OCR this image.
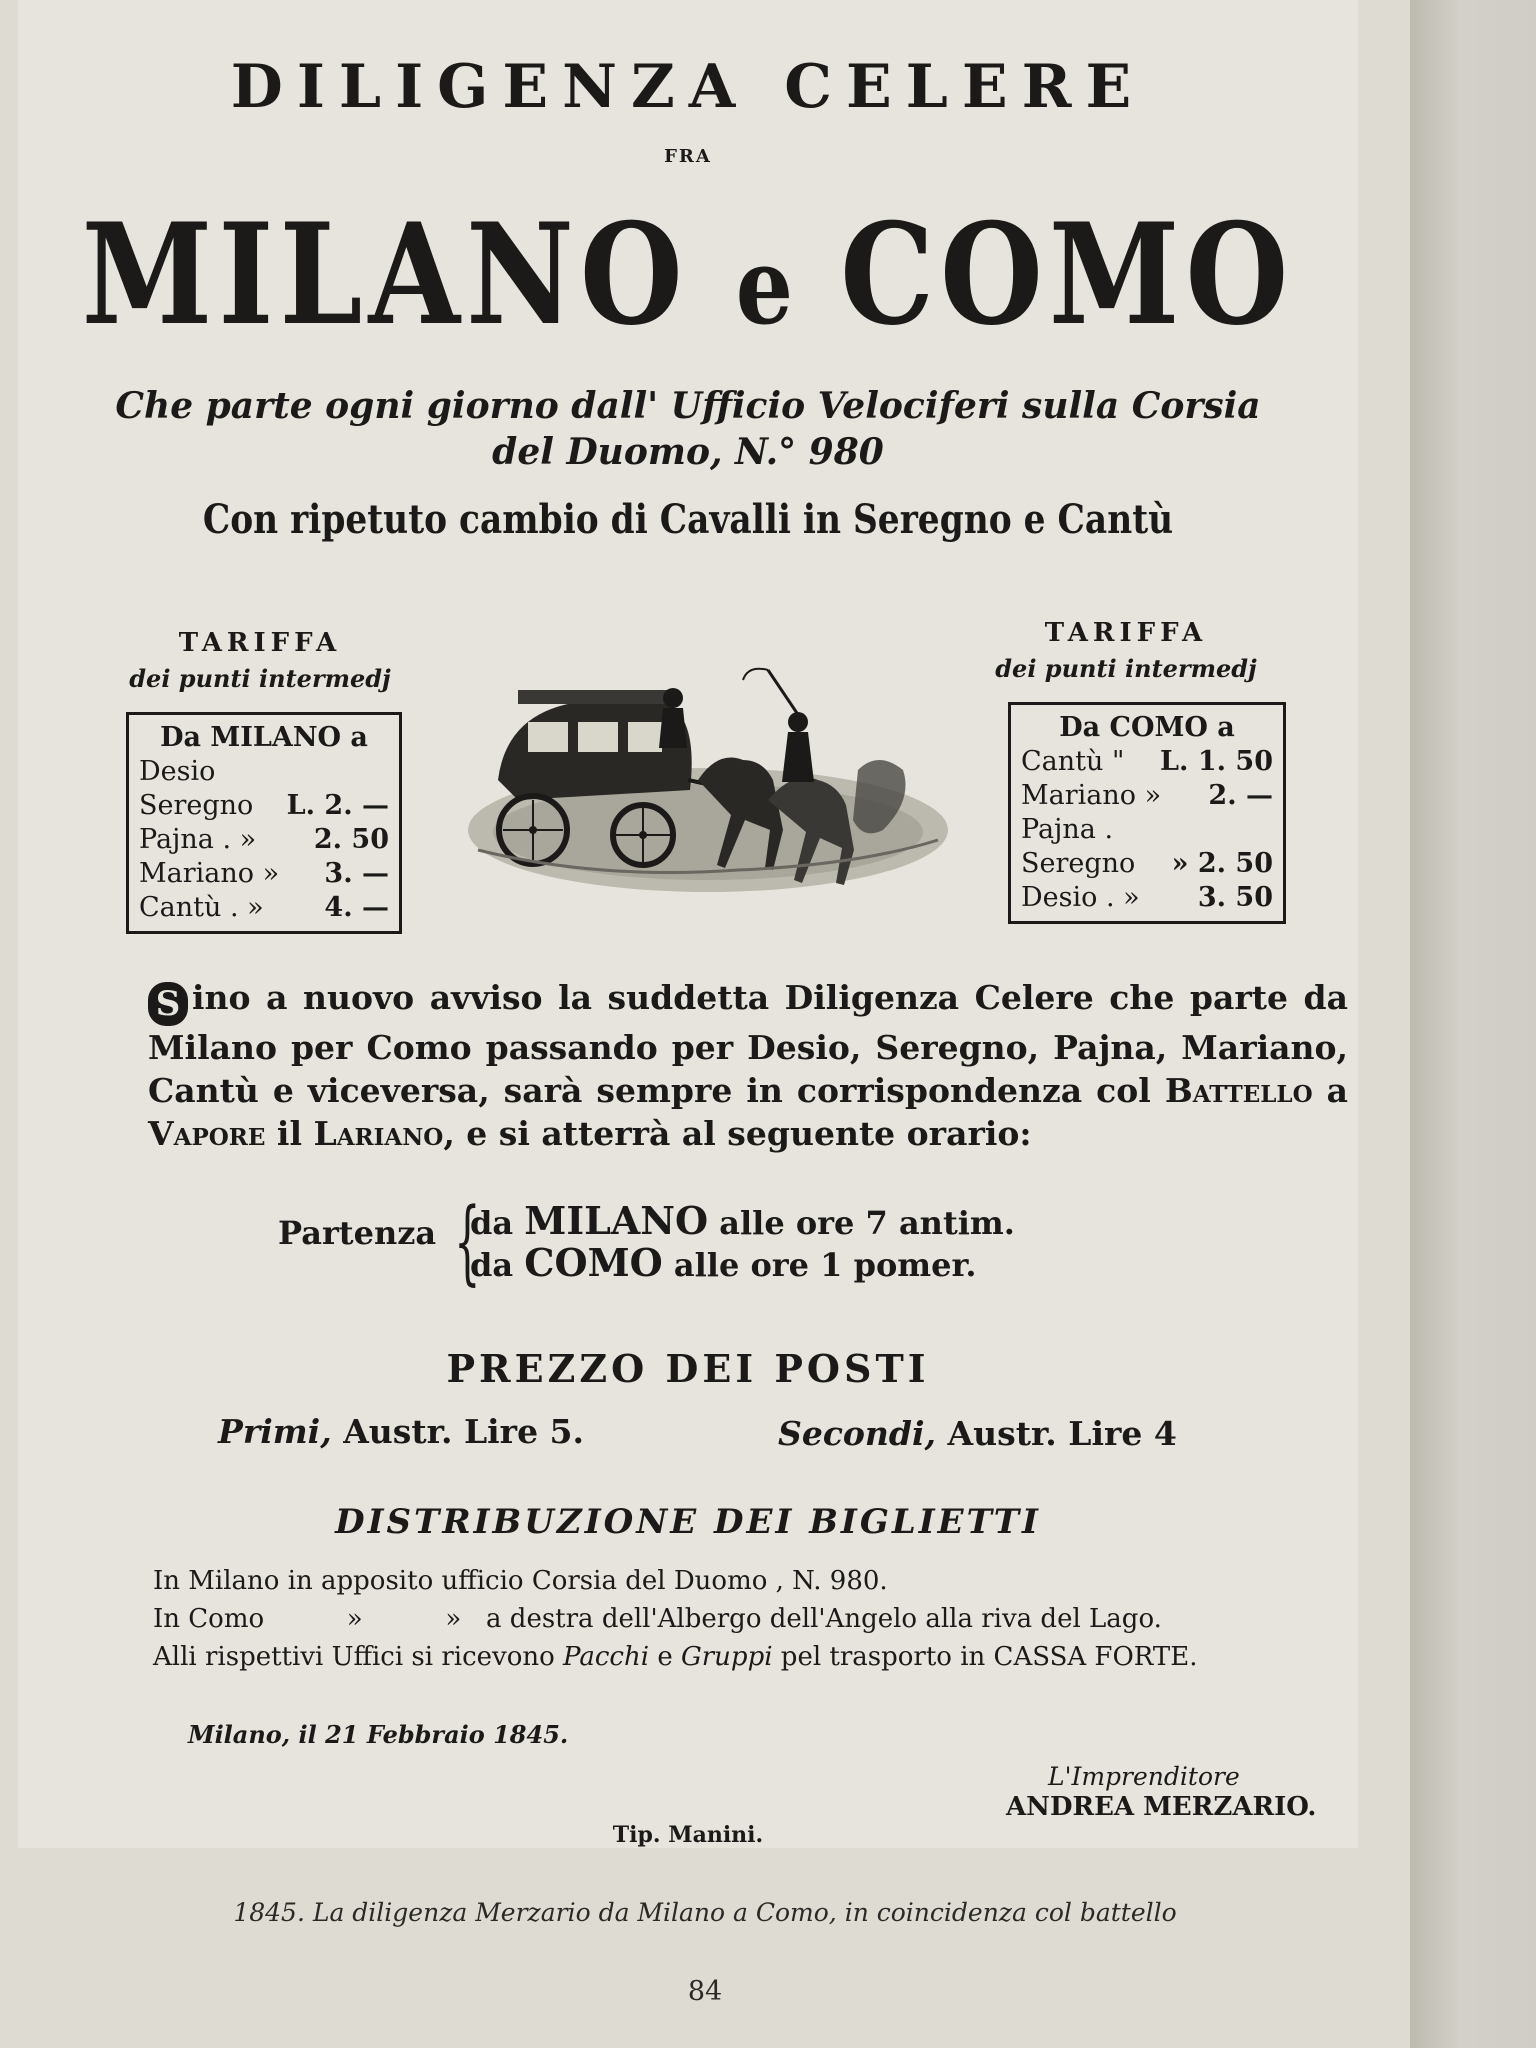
DILIGENZA CELERE
FRA
MILANO e COMO
Che parte ogni giorno dall' Ufficio Velociferi sulla Corsia del Duomo, N.° 980
Con ripetuto cambio di Cavalli in Seregno e Cantù
TARIFFA
dei punti intermedj
Da MILANO a
Desio
Seregno L. 2. —
Pajna . » 2. 50
Mariano » 3. —
Cantù . » 4. —
TARIFFA
dei punti intermedj
Da COMO a
Cantù " L. 1. 50
Mariano » 2. —
Pajna .
Seregno » 2. 50
Desio . » 3. 50
S ino a nuovo avviso la suddetta Diligenza Celere che parte da Milano per Como passando per Desio, Seregno, Pajna, Mariano, Cantù e viceversa, sarà sempre in corrispondenza col Battello a Vapore il Lariano, e si atterrà al seguente orario:
Partenza {
da MILANO alle ore 7 antim.
da COMO alle ore 1 pomer.
PREZZO DEI POSTI
Primi, Austr. Lire 5.	Secondi, Austr. Lire 4
DISTRIBUZIONE DEI BIGLIETTI
In Milano in apposito ufficio Corsia del Duomo , N. 980.
In Como          »          »   a destra dell'Albergo dell'Angelo alla riva del Lago.
Alli rispettivi Uffici si ricevono Pacchi e Gruppi pel trasporto in CASSA FORTE.
Milano, il 21 Febbraio 1845.
L'Imprenditore
ANDREA MERZARIO.
Tip. Manini.
1845. La diligenza Merzario da Milano a Como, in coincidenza col battello
84
